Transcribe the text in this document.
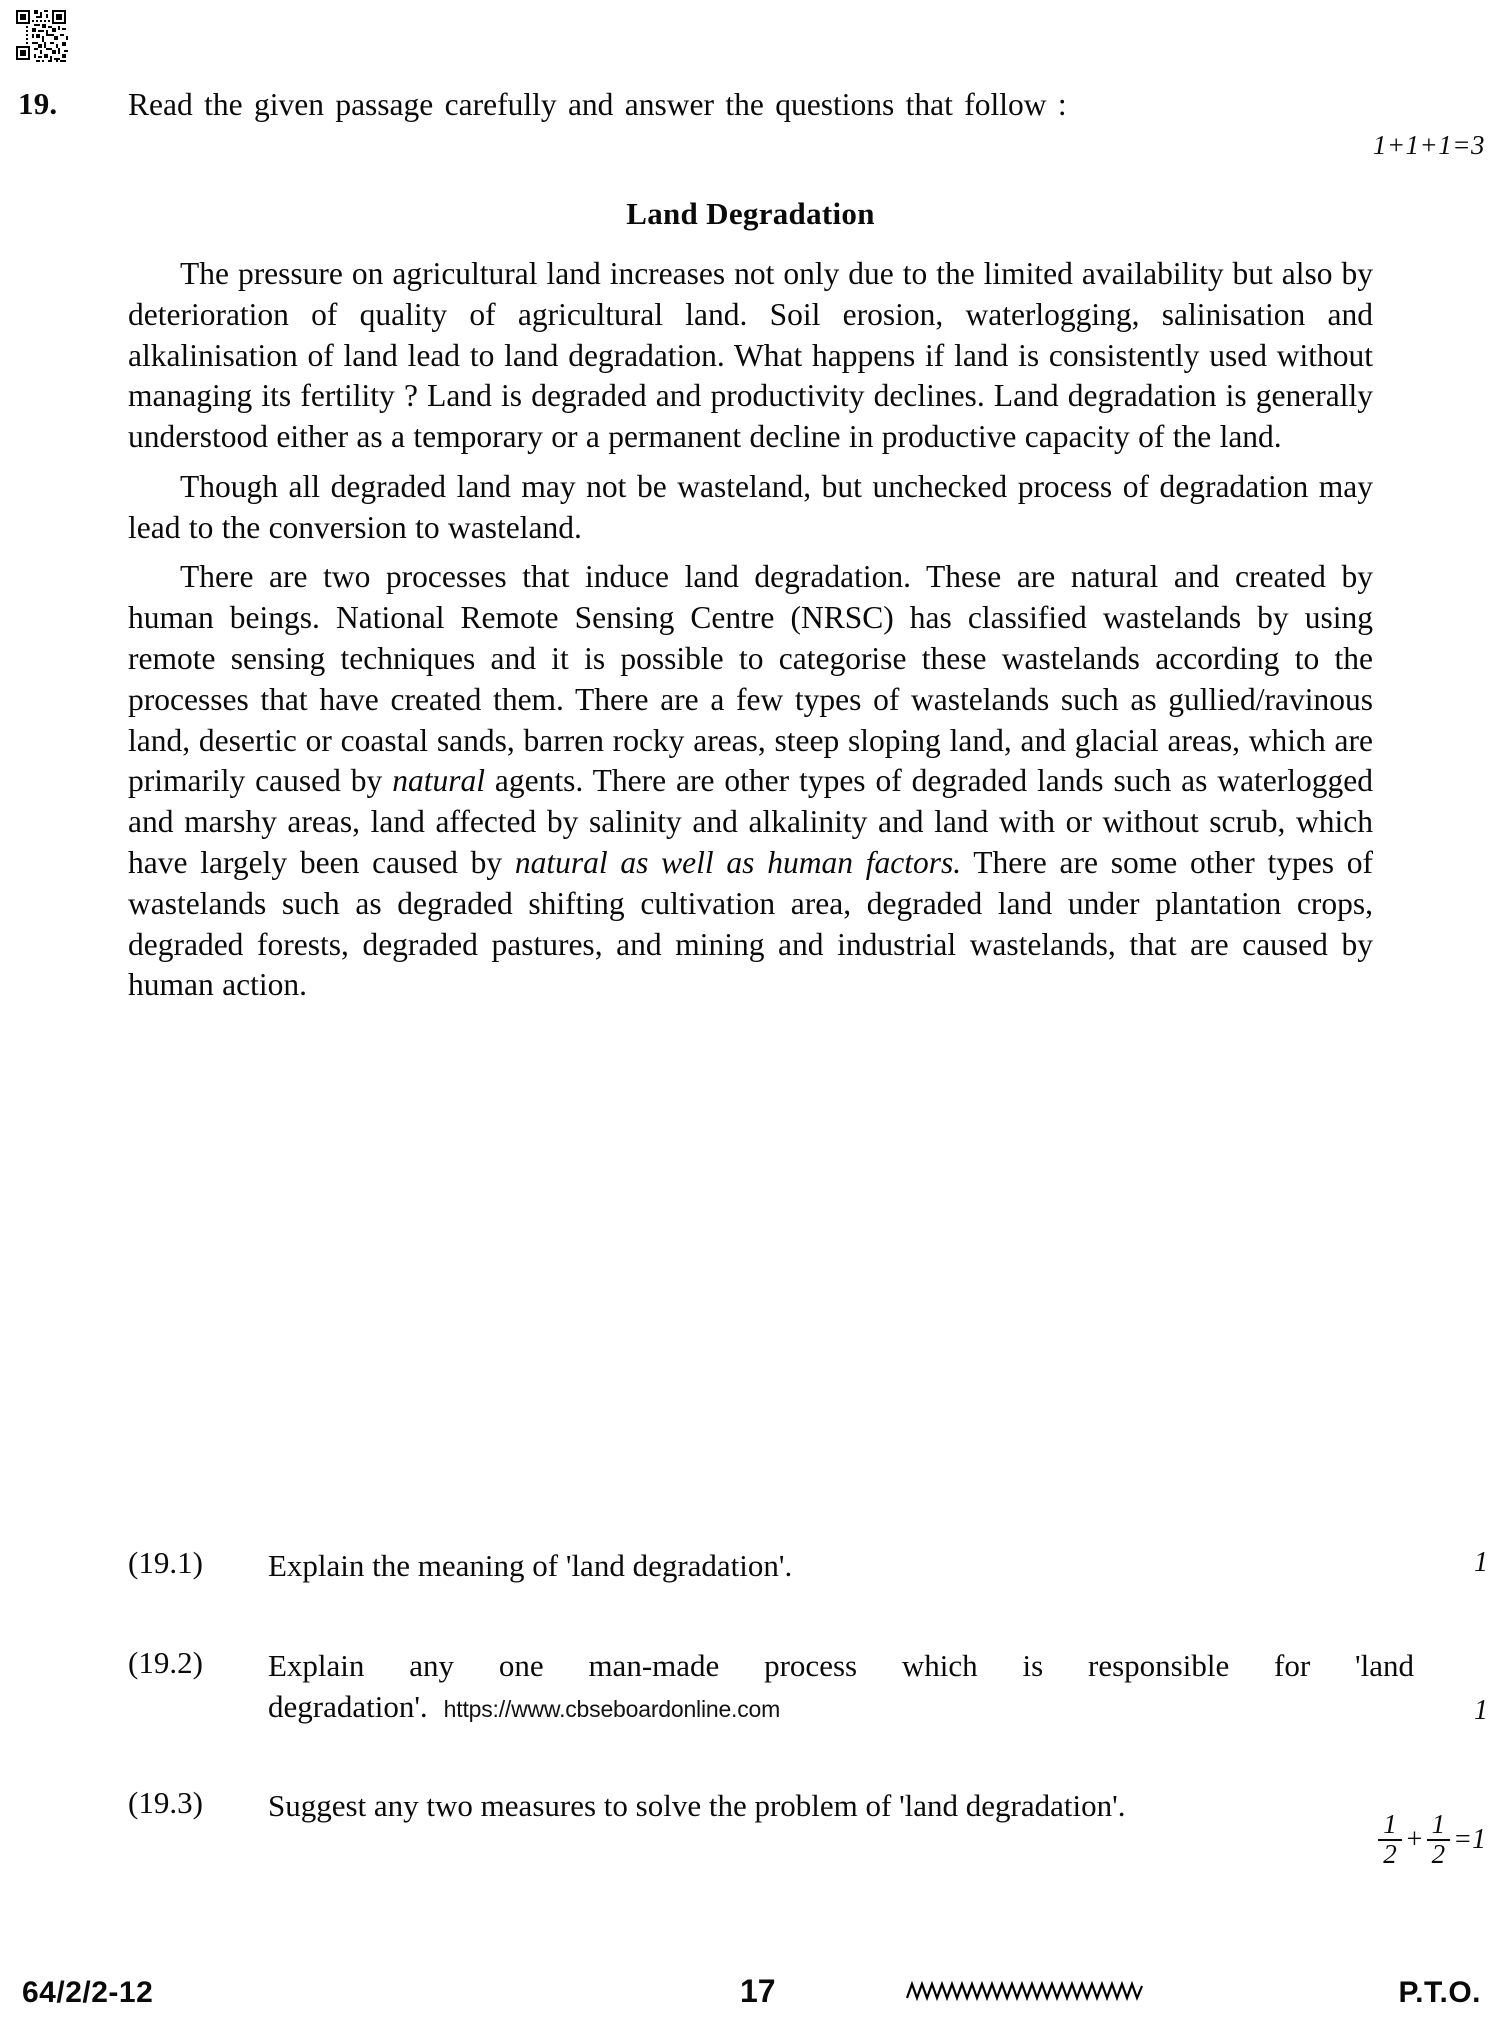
19. Read the given passage carefully and answer the questions that follow :
1+1+1=3
Land Degradation

The pressure on agricultural land increases not only due to the limited availability but also by deterioration of quality of agricultural land. Soil erosion, waterlogging, salinisation and alkalinisation of land lead to land degradation. What happens if land is consistently used without managing its fertility ? Land is degraded and productivity declines. Land degradation is generally understood either as a temporary or a permanent decline in productive capacity of the land.

Though all degraded land may not be wasteland, but unchecked process of degradation may lead to the conversion to wasteland.

There are two processes that induce land degradation. These are natural and created by human beings. National Remote Sensing Centre (NRSC) has classified wastelands by using remote sensing techniques and it is possible to categorise these wastelands according to the processes that have created them. There are a few types of wastelands such as gullied/ravinous land, desertic or coastal sands, barren rocky areas, steep sloping land, and glacial areas, which are primarily caused by natural agents. There are other types of degraded lands such as waterlogged and marshy areas, land affected by salinity and alkalinity and land with or without scrub, which have largely been caused by natural as well as human factors. There are some other types of wastelands such as degraded shifting cultivation area, degraded land under plantation crops, degraded forests, degraded pastures, and mining and industrial wastelands, that are caused by human action.

(19.1)	Explain the meaning of 'land degradation'.	1
(19.2)	Explain any one man-made process which is responsible for 'land degradation'. https://www.cbseboardonline.com	1
(19.3)	Suggest any two measures to solve the problem of 'land degradation'.
$\frac{1}{2} + \frac{1}{2} =1$
64/2/2-12	17	P.T.O.
